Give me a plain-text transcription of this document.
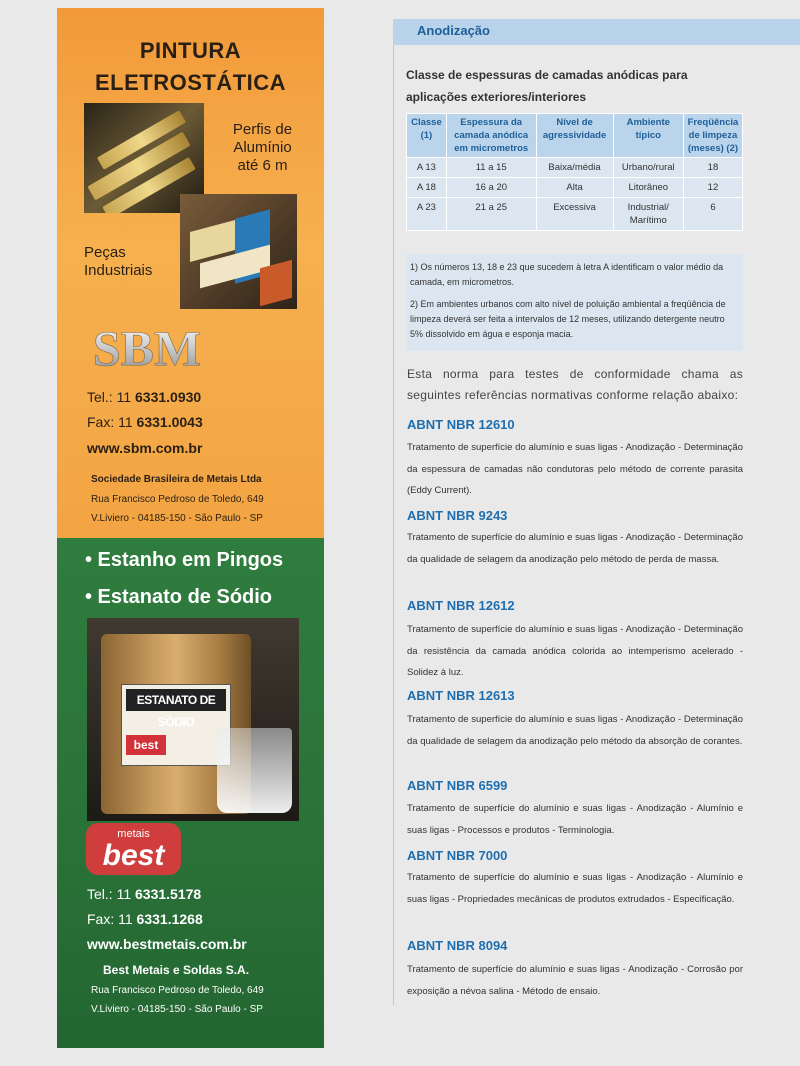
PINTURA
ELETROSTÁTICA
Perfis de
Alumínio
até 6 m
Peças
Industriais
SBM
Tel.: 11 6331.0930
Fax: 11 6331.0043
www.sbm.com.br
Sociedade Brasileira de Metais Ltda
Rua Francisco Pedroso de Toledo, 649
V.Liviero - 04185-150 - São Paulo - SP
• Estanho em Pingos
• Estanato de Sódio
ESTANATO DE SÓDIO
best
metais
best
Tel.: 11 6331.5178
Fax: 11 6331.1268
www.bestmetais.com.br
Best Metais e Soldas S.A.
Rua Francisco Pedroso de Toledo, 649
V.Liviero - 04185-150 - São Paulo - SP
Anodização
Classe de espessuras de camadas anódicas para aplicações exteriores/interiores
Classe (1)	Espessura da camada anódica em micrometros	Nível de agressividade	Ambiente típico	Freqüência de limpeza (meses) (2)
A 13	11 a 15	Baixa/média	Urbano/rural	18
A 18	16 a 20	Alta	Litorâneo	12
A 23	21 a 25	Excessiva	Industrial/ Marítimo	6
1) Os números 13, 18 e 23 que sucedem à letra A identificam o valor médio da camada, em micrometros.
2) Em ambientes urbanos com alto nível de poluição ambiental a freqüência de limpeza deverá ser feita a intervalos de 12 meses, utilizando detergente neutro 5% dissolvido em água e esponja macia.
Esta norma para testes de conformidade chama as seguintes referências normativas conforme relação abaixo:
ABNT NBR 12610
Tratamento de superfície do alumínio e suas ligas - Anodização - Determinação da espessura de camadas não condutoras pelo método de corrente parasita (Eddy Current).
ABNT NBR 9243
Tratamento de superfície do alumínio e suas ligas - Anodização - Determinação da qualidade de selagem da anodização pelo método de perda de massa.
ABNT NBR 12612
Tratamento de superfície do alumínio e suas ligas - Anodização - Determinação da resistência da camada anódica colorida ao intemperismo acelerado - Solidez à luz.
ABNT NBR 12613
Tratamento de superfície do alumínio e suas ligas - Anodização - Determinação da qualidade de selagem da anodização pelo método da absorção de corantes.
ABNT NBR 6599
Tratamento de superfície do alumínio e suas ligas - Anodização - Alumínio e suas ligas - Processos e produtos - Terminologia.
ABNT NBR 7000
Tratamento de superfície do alumínio e suas ligas - Anodização - Alumínio e suas ligas - Propriedades mecânicas de produtos extrudados - Especificação.
ABNT NBR 8094
Tratamento de superfície do alumínio e suas ligas - Anodização - Corrosão por exposição a névoa salina - Método de ensaio.
